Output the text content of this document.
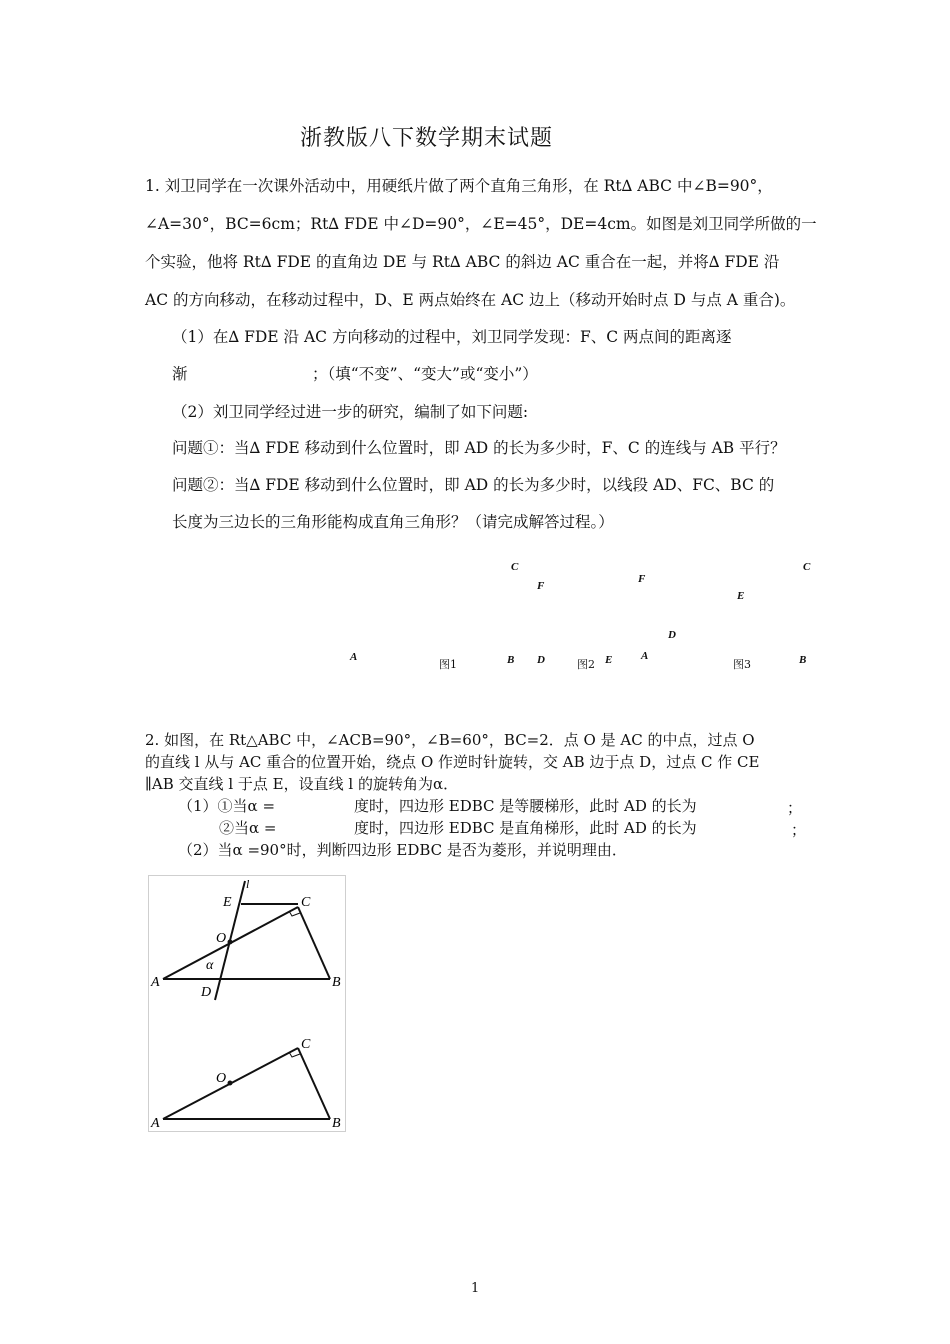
浙教版八下数学期末试题
1. 刘卫同学在一次课外活动中，用硬纸片做了两个直角三角形，在 Rt∆ ABC 中∠B=90°，
∠A=30°，BC=6cm；Rt∆ FDE 中∠D=90°，∠E=45°，DE=4cm。如图是刘卫同学所做的一
个实验，他将 Rt∆ FDE 的直角边 DE 与 Rt∆ ABC 的斜边 AC 重合在一起，并将∆ FDE 沿
AC 的方向移动，在移动过程中，D、E 两点始终在 AC 边上（移动开始时点 D 与点 A 重合)。
（1）在∆ FDE 沿 AC 方向移动的过程中，刘卫同学发现：F、C 两点间的距离逐
渐	；（填“不变”、“变大”或“变小”）
（2）刘卫同学经过进一步的研究，编制了如下问题:
问题①：当∆ FDE 移动到什么位置时，即 AD 的长为多少时，F、C 的连线与 AB 平行？
问题②：当∆ FDE 移动到什么位置时，即 AD 的长为多少时，以线段 AD、FC、BC 的
长度为三边长的三角形能构成直角三角形？（请完成解答过程。）
C
F
F
C
E
D
A
图1	B D	图2 E	A
图3	B
2. 如图，在 Rt△ABC 中，∠ACB=90°，∠B=60°，BC=2．点 O 是 AC 的中点，过点 O
的直线 l 从与 AC 重合的位置开始，绕点 O 作逆时针旋转，交 AB 边于点 D，过点 C 作 CE
∥AB 交直线 l 于点 E，设直线 l 的旋转角为α．
（1）①当α =	度时，四边形 EDBC 是等腰梯形，此时 AD 的长为	；
②当α =	度时，四边形 EDBC 是直角梯形，此时 AD 的长为	；
（2）当α =90°时，判断四边形 EDBC 是否为菱形，并说明理由．
E
l
C
O
α
A
D
B
C
O
A	B
1
